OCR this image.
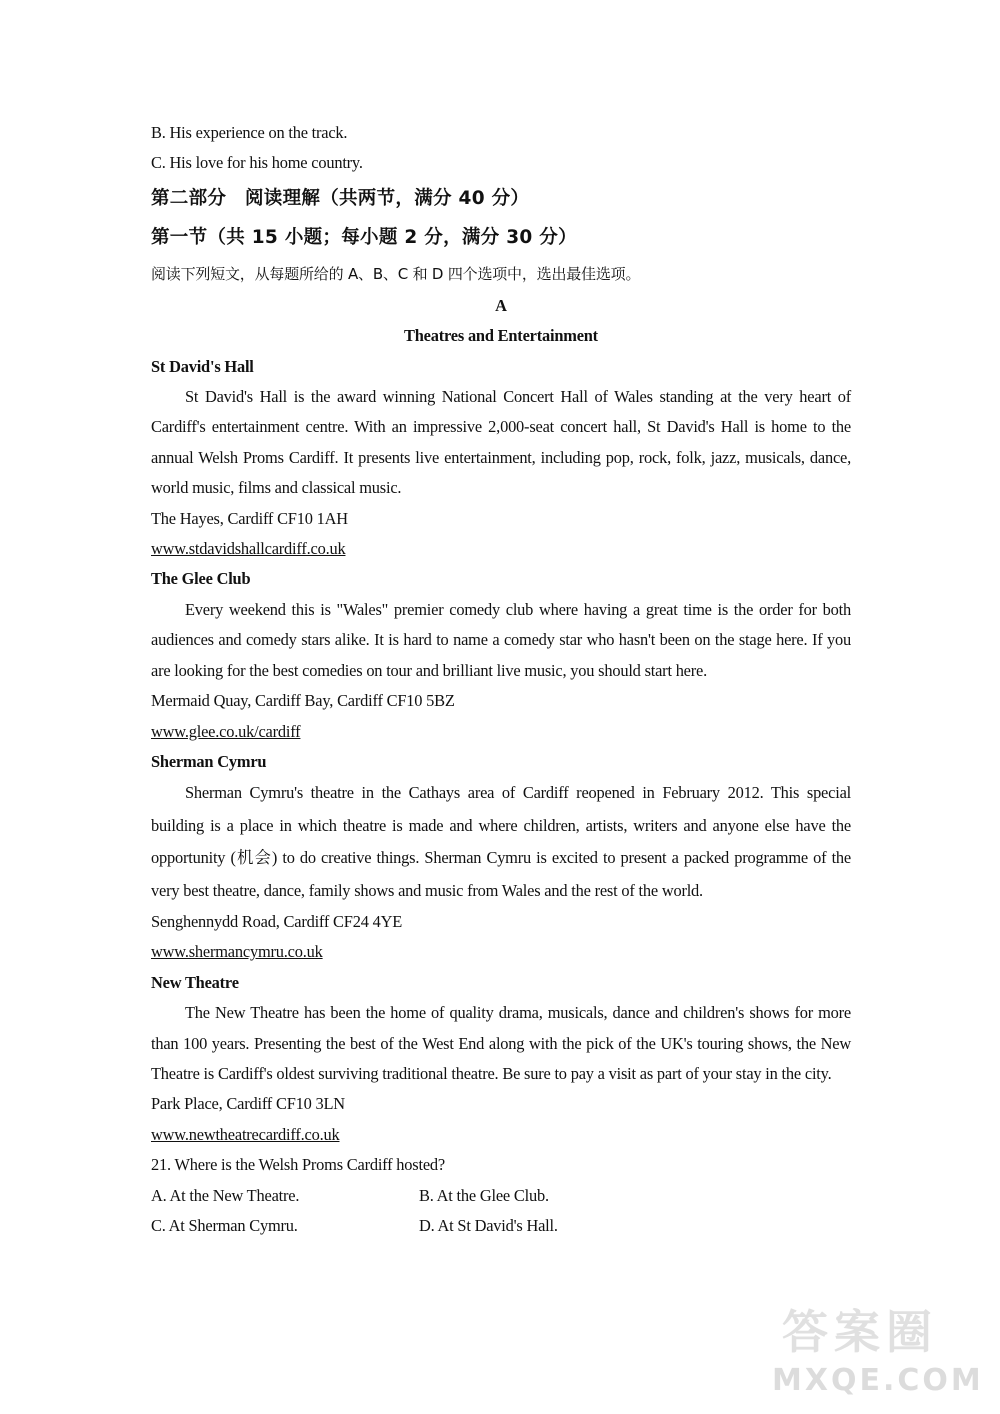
B. His experience on the track.
C. His love for his home country.
第二部分　阅读理解（共两节，满分 40 分）
第一节（共 15 小题；每小题 2 分，满分 30 分）
阅读下列短文，从每题所给的 A、B、C 和 D 四个选项中，选出最佳选项。
A
Theatres and Entertainment
St David's Hall
St David's Hall is the award winning National Concert Hall of Wales standing at the very heart of Cardiff's entertainment centre. With an impressive 2,000-seat concert hall, St David's Hall is home to the annual Welsh Proms Cardiff. It presents live entertainment, including pop, rock, folk, jazz, musicals, dance, world music, films and classical music.
The Hayes, Cardiff CF10 1AH
www.stdavidshallcardiff.co.uk
The Glee Club
Every weekend this is "Wales" premier comedy club where having a great time is the order for both audiences and comedy stars alike. It is hard to name a comedy star who hasn't been on the stage here. If you are looking for the best comedies on tour and brilliant live music, you should start here.
Mermaid Quay, Cardiff Bay, Cardiff CF10 5BZ
www.glee.co.uk/cardiff
Sherman Cymru
Sherman Cymru's theatre in the Cathays area of Cardiff reopened in February 2012. This special building is a place in which theatre is made and where children, artists, writers and anyone else have the opportunity (机会) to do creative things. Sherman Cymru is excited to present a packed programme of the very best theatre, dance, family shows and music from Wales and the rest of the world.
Senghennydd Road, Cardiff CF24 4YE
www.shermancymru.co.uk
New Theatre
The New Theatre has been the home of quality drama, musicals, dance and children's shows for more than 100 years. Presenting the best of the West End along with the pick of the UK's touring shows, the New Theatre is Cardiff's oldest surviving traditional theatre. Be sure to pay a visit as part of your stay in the city.
Park Place, Cardiff CF10 3LN
www.newtheatrecardiff.co.uk
21. Where is the Welsh Proms Cardiff hosted?
A. At the New Theatre.	B. At the Glee Club.
C. At Sherman Cymru.	D. At St David's Hall.
答案圈
MXQE.COM
